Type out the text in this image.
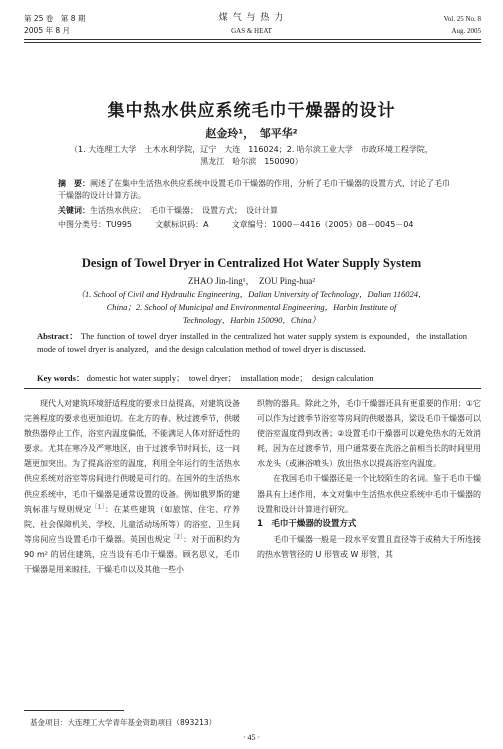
第 25 卷　第 8 期
2005 年 8 月
煤 气 与 热 力
GAS & HEAT
Vol. 25 No. 8
Aug. 2005
集中热水供应系统毛巾干燥器的设计
赵金玲¹，　邹平华²
（1. 大连理工大学　土木水利学院，辽宁　大连　116024；2. 哈尔滨工业大学　市政环境工程学院，
黑龙江　哈尔滨　150090）
摘　要：阐述了在集中生活热水供应系统中设置毛巾干燥器的作用，分析了毛巾干燥器的设置方式，讨论了毛巾干燥器的设计计算方法。
关键词：生活热水供应；　毛巾干燥器；　设置方式；　设计计算
中图分类号：TU995	文献标识码：A	文章编号：1000－4416（2005）08－0045－04
Design of Towel Dryer in Centralized Hot Water Supply System
ZHAO Jin-ling¹，　ZOU Ping-hua²
（1. School of Civil and Hydraulic Engineering，Dalian University of Technology，Dalian 116024，
China；2. School of Municipal and Environmental Engineering，Harbin Institute of
Technology，Harbin 150090，China）
Abstract： The function of towel dryer installed in the centralized hot water supply system is expounded，the installation mode of towel dryer is analyzed，and the design calculation method of towel dryer is discussed.
Key words： domestic hot water supply；　towel dryer；　installation mode；　design calculation

现代人对建筑环境舒适程度的要求日益提高，对建筑设备完善程度的要求也更加迫切。在北方的春、秋过渡季节，供暖散热器停止工作，浴室内温度偏低，不能满足人体对舒适性的要求。尤其在寒冷及严寒地区，由于过渡季节时间长，这一问题更加突出。为了提高浴室的温度，利用全年运行的生活热水供应系统对浴室等房间进行供暖是可行的。在国外的生活热水供应系统中，毛巾干燥器是通常设置的设备。例如俄罗斯的建筑标准与规则规定$^{[1]}$：在某些建筑（如旅馆、住宅、疗养院、社会保障机关、学校、儿童活动场所等）的浴室、卫生间等房间应当设置毛巾干燥器。英国也规定$^{[2]}$：对于面积约为 90 m² 的居住建筑，应当设有毛巾干燥器。顾名思义，毛巾干燥器是用来晾挂、干燥毛巾以及其他一些小

织物的器具。除此之外，毛巾干燥器还具有更重要的作用：①它可以作为过渡季节浴室等房间的供暖器具，梁设毛巾干燥器可以使浴室温度得到改善；②设置毛巾干燥器可以避免热水的无效消耗，因为在过渡季节，用户通常要在洗浴之前相当长的时间里用水龙头（或淋浴喷头）放出热水以提高浴室内温度。

在我国毛巾干燥器还是一个比较陌生的名词。鉴于毛巾干燥器具有上述作用，本文对集中生活热水供应系统中毛巾干燥器的设置和设计计算进行研究。

1　毛巾干燥器的设置方式

毛巾干燥器一般是一段水平安置且直径等于或稍大于所连接的热水管管径的 U 形管或 W 形管，其

基金项目：大连理工大学青年基金资助项目（893213）
· 45 ·
